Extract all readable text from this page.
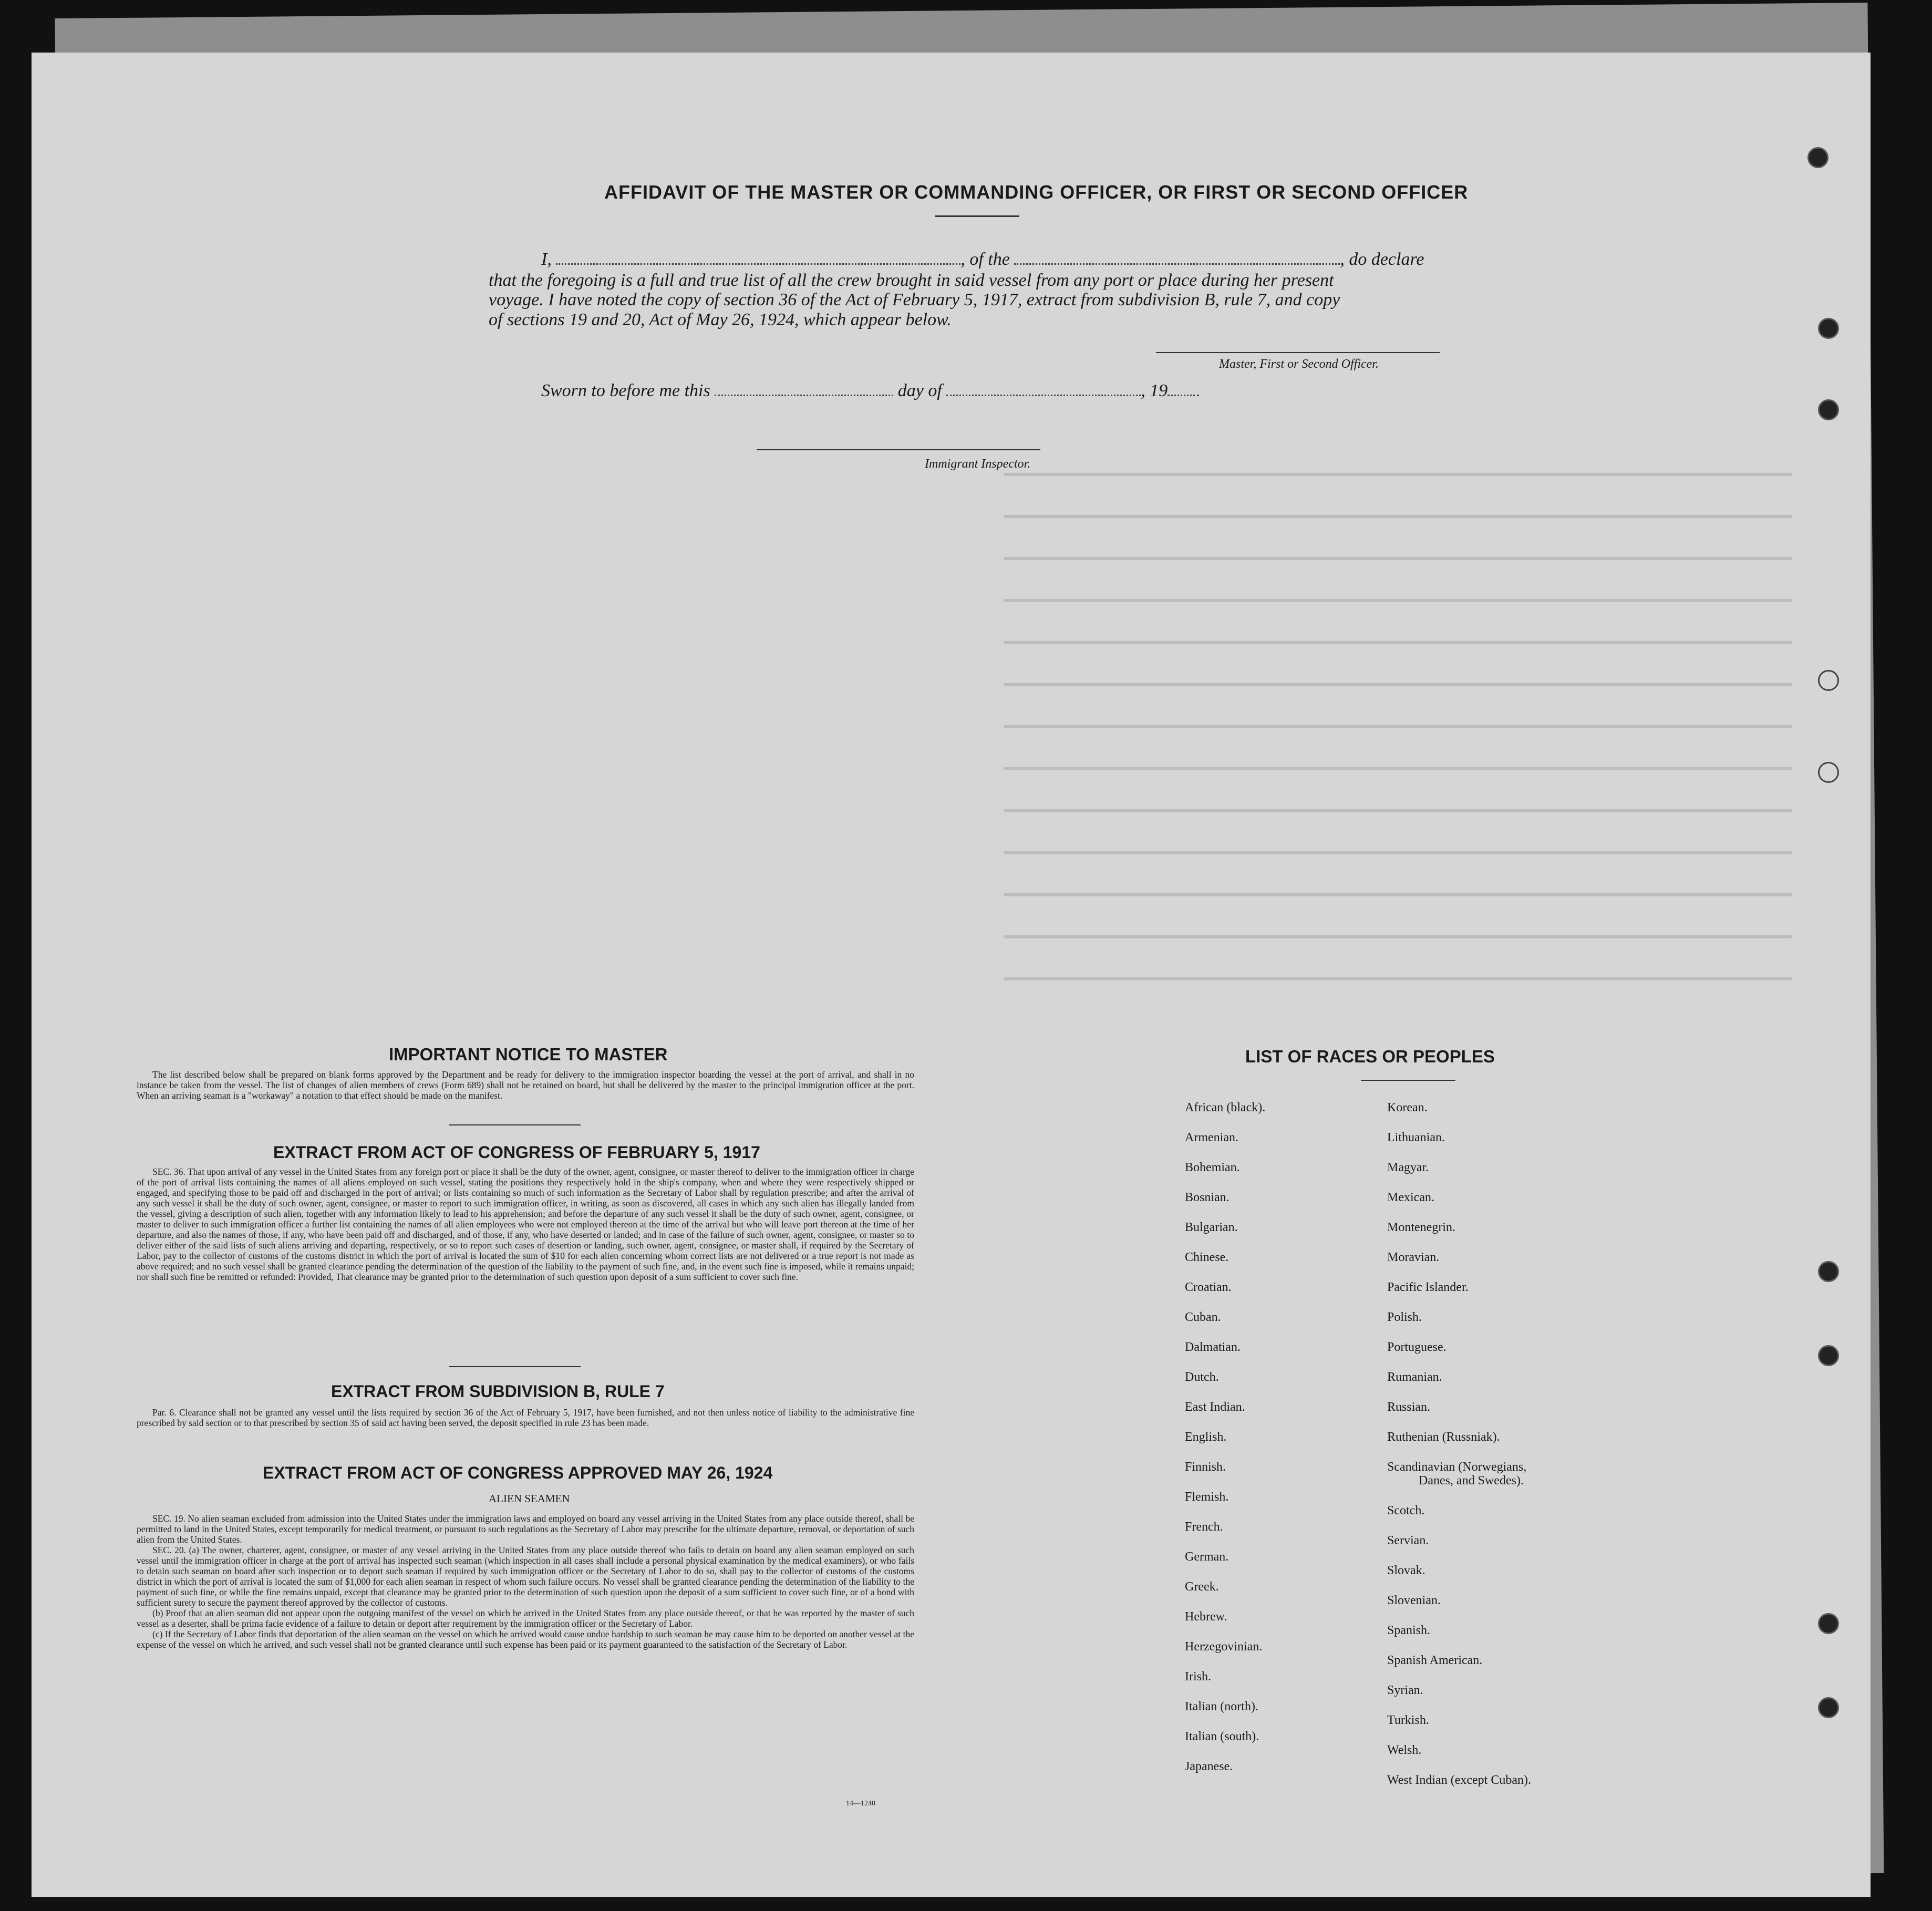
AFFIDAVIT OF THE MASTER OR COMMANDING OFFICER, OR FIRST OR SECOND OFFICER
I,	, of the	, do declare
that the foregoing is a full and true list of all the crew brought in said vessel from any port or place during her present
voyage. I have noted the copy of section 36 of the Act of February 5, 1917, extract from subdivision B, rule 7, and copy
of sections 19 and 20, Act of May 26, 1924, which appear below.
Master, First or Second Officer.
Sworn to before me this	day of	, 19
Immigrant Inspector.
IMPORTANT NOTICE TO MASTER

The list described below shall be prepared on blank forms approved by the Department and be ready for delivery to the immigration inspector boarding the vessel at the port of arrival, and shall in no instance be taken from the vessel. The list of changes of alien members of crews (Form 689) shall not be retained on board, but shall be delivered by the master to the principal immigration officer at the port. When an arriving seaman is a "workaway" a notation to that effect should be made on the manifest.

EXTRACT FROM ACT OF CONGRESS OF FEBRUARY 5, 1917

SEC. 36. That upon arrival of any vessel in the United States from any foreign port or place it shall be the duty of the owner, agent, consignee, or master thereof to deliver to the immigration officer in charge of the port of arrival lists containing the names of all aliens employed on such vessel, stating the positions they respectively hold in the ship's company, when and where they were respectively shipped or engaged, and specifying those to be paid off and discharged in the port of arrival; or lists containing so much of such information as the Secretary of Labor shall by regulation prescribe; and after the arrival of any such vessel it shall be the duty of such owner, agent, consignee, or master to report to such immigration officer, in writing, as soon as discovered, all cases in which any such alien has illegally landed from the vessel, giving a description of such alien, together with any information likely to lead to his apprehension; and before the departure of any such vessel it shall be the duty of such owner, agent, consignee, or master to deliver to such immigration officer a further list containing the names of all alien employees who were not employed thereon at the time of the arrival but who will leave port thereon at the time of her departure, and also the names of those, if any, who have been paid off and discharged, and of those, if any, who have deserted or landed; and in case of the failure of such owner, agent, consignee, or master so to deliver either of the said lists of such aliens arriving and departing, respectively, or so to report such cases of desertion or landing, such owner, agent, consignee, or master shall, if required by the Secretary of Labor, pay to the collector of customs of the customs district in which the port of arrival is located the sum of $10 for each alien concerning whom correct lists are not delivered or a true report is not made as above required; and no such vessel shall be granted clearance pending the determination of the question of the liability to the payment of such fine, and, in the event such fine is imposed, while it remains unpaid; nor shall such fine be remitted or refunded: Provided, That clearance may be granted prior to the determination of such question upon deposit of a sum sufficient to cover such fine.

EXTRACT FROM SUBDIVISION B, RULE 7

Par. 6. Clearance shall not be granted any vessel until the lists required by section 36 of the Act of February 5, 1917, have been furnished, and not then unless notice of liability to the administrative fine prescribed by said section or to that prescribed by section 35 of said act having been served, the deposit specified in rule 23 has been made.

EXTRACT FROM ACT OF CONGRESS APPROVED MAY 26, 1924
ALIEN SEAMEN

SEC. 19. No alien seaman excluded from admission into the United States under the immigration laws and employed on board any vessel arriving in the United States from any place outside thereof, shall be permitted to land in the United States, except temporarily for medical treatment, or pursuant to such regulations as the Secretary of Labor may prescribe for the ultimate departure, removal, or deportation of such alien from the United States.

SEC. 20. (a) The owner, charterer, agent, consignee, or master of any vessel arriving in the United States from any place outside thereof who fails to detain on board any alien seaman employed on such vessel until the immigration officer in charge at the port of arrival has inspected such seaman (which inspection in all cases shall include a personal physical examination by the medical examiners), or who fails to detain such seaman on board after such inspection or to deport such seaman if required by such immigration officer or the Secretary of Labor to do so, shall pay to the collector of customs of the customs district in which the port of arrival is located the sum of $1,000 for each alien seaman in respect of whom such failure occurs. No vessel shall be granted clearance pending the determination of the liability to the payment of such fine, or while the fine remains unpaid, except that clearance may be granted prior to the determination of such question upon the deposit of a sum sufficient to cover such fine, or of a bond with sufficient surety to secure the payment thereof approved by the collector of customs.

(b) Proof that an alien seaman did not appear upon the outgoing manifest of the vessel on which he arrived in the United States from any place outside thereof, or that he was reported by the master of such vessel as a deserter, shall be prima facie evidence of a failure to detain or deport after requirement by the immigration officer or the Secretary of Labor.

(c) If the Secretary of Labor finds that deportation of the alien seaman on the vessel on which he arrived would cause undue hardship to such seaman he may cause him to be deported on another vessel at the expense of the vessel on which he arrived, and such vessel shall not be granted clearance until such expense has been paid or its payment guaranteed to the satisfaction of the Secretary of Labor.

14—1240
LIST OF RACES OR PEOPLES
African (black).
Armenian.
Bohemian.
Bosnian.
Bulgarian.
Chinese.
Croatian.
Cuban.
Dalmatian.
Dutch.
East Indian.
English.
Finnish.
Flemish.
French.
German.
Greek.
Hebrew.
Herzegovinian.
Irish.
Italian (north).
Italian (south).
Japanese.
Korean.
Lithuanian.
Magyar.
Mexican.
Montenegrin.
Moravian.
Pacific Islander.
Polish.
Portuguese.
Rumanian.
Russian.
Ruthenian (Russniak).
Scandinavian (Norwegians,
Danes, and Swedes).
Scotch.
Servian.
Slovak.
Slovenian.
Spanish.
Spanish American.
Syrian.
Turkish.
Welsh.
West Indian (except Cuban).
